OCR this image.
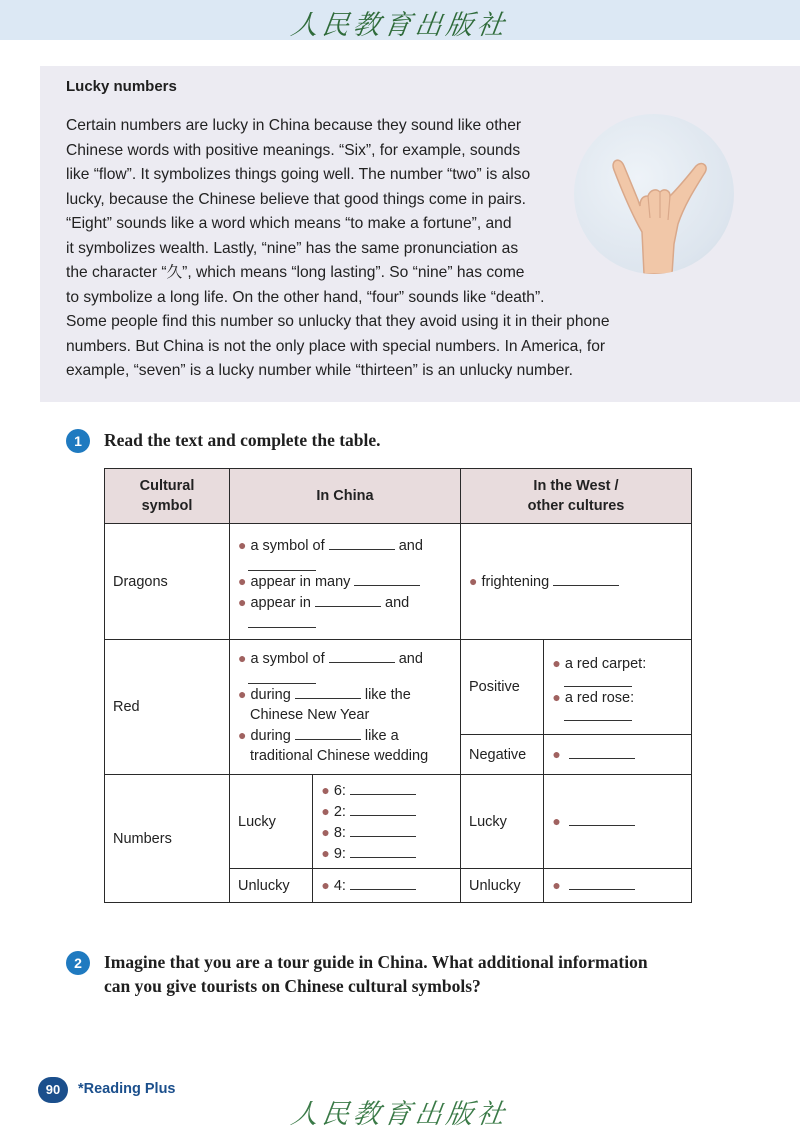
人民教育出版社
Lucky numbers

Certain numbers are lucky in China because they sound like other
Chinese words with positive meanings. “Six”, for example, sounds
like “flow”. It symbolizes things going well. The number “two” is also
lucky, because the Chinese believe that good things come in pairs.
“Eight” sounds like a word which means “to make a fortune”, and
it symbolizes wealth. Lastly, “nine” has the same pronunciation as
the character “久”, which means “long lasting”. So “nine” has come
to symbolize a long life. On the other hand, “four” sounds like “death”.
Some people find this number so unlucky that they avoid using it in their phone
numbers. But China is not the only place with special numbers. In America, for
example, “seven” is a lucky number while “thirteen” is an unlucky number.

1	Read the text and complete the table.
Cultural
symbol	In China		In the West /
other cultures	

Dragons	● a symbol of and
● appear in many
● appear in and		● frightening	

Red	● a symbol of and
● during like the
Chinese New Year
● during like a
traditional Chinese wedding		Positive	● a red carpet:
● a red rose:

			Negative	●

Numbers	Lucky	● 6:
● 2:
● 8:
● 9:	Lucky	●

	Unlucky	● 4:	Unlucky	●
2	Imagine that you are a tour guide in China. What additional information
can you give tourists on Chinese cultural symbols?
90	*Reading Plus
人民教育出版社
